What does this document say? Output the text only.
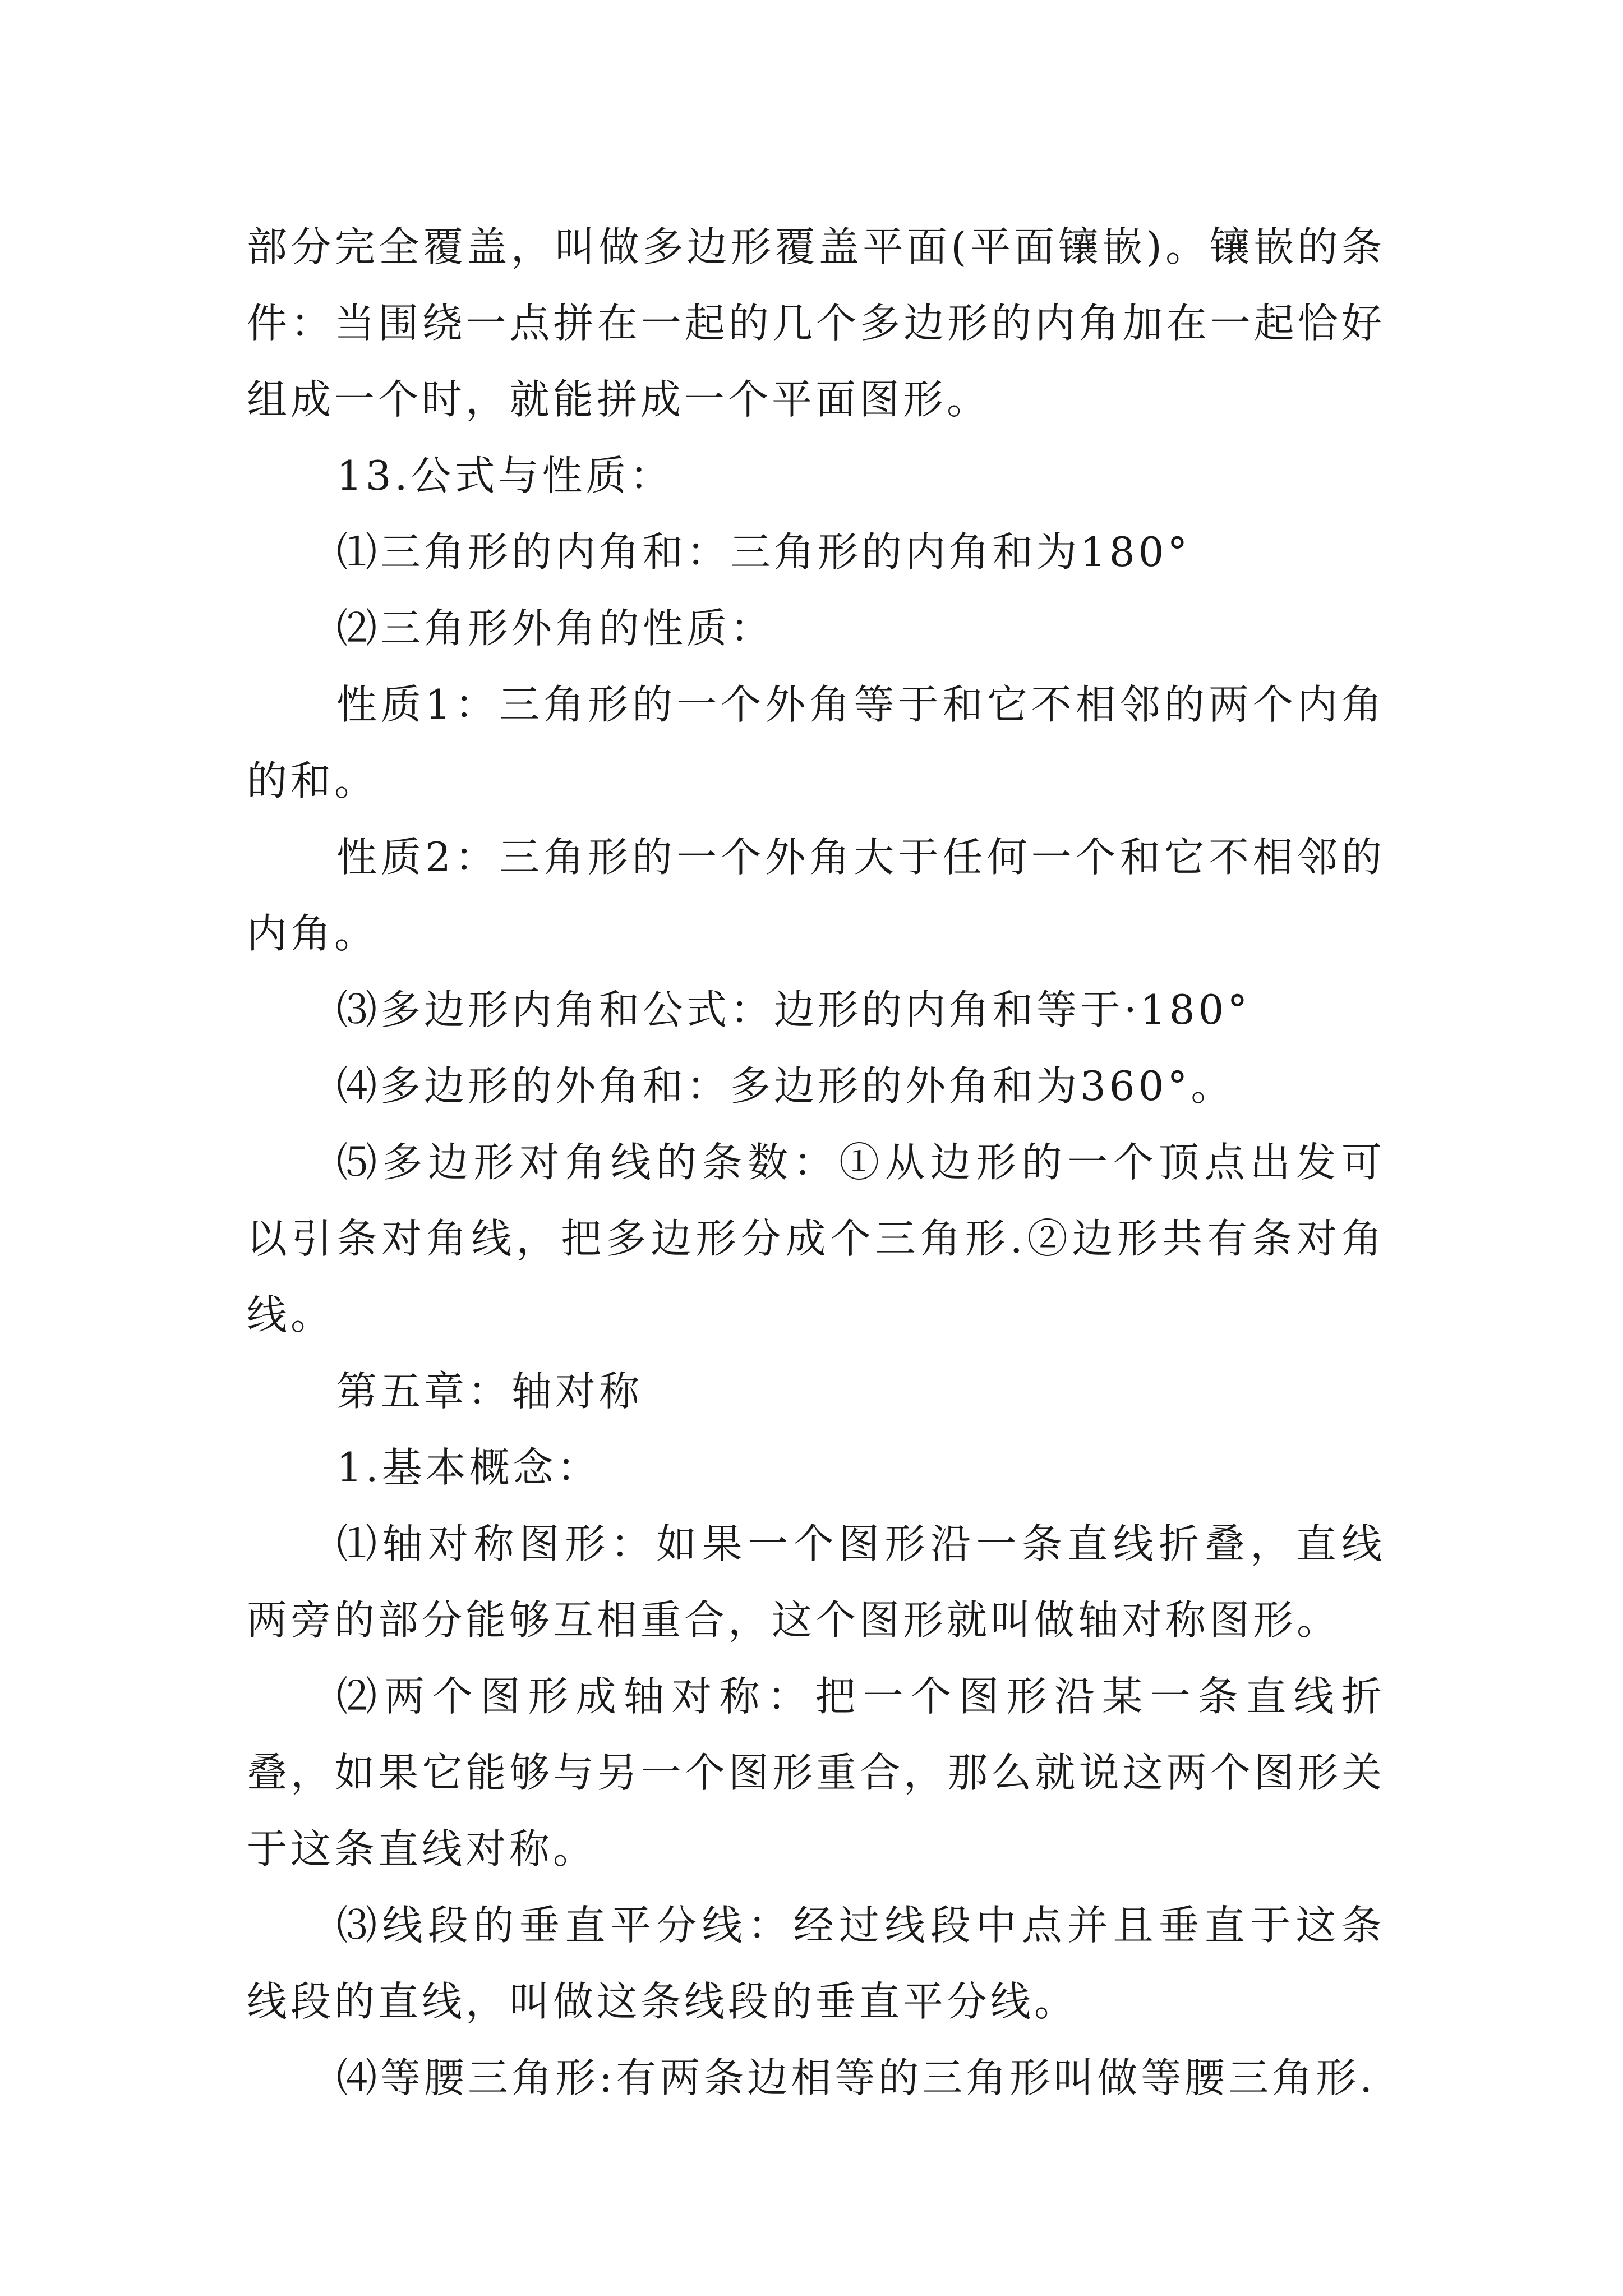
部分完全覆盖，叫做多边形覆盖平面(平面镶嵌)。镶嵌的条件：当围绕一点拼在一起的几个多边形的内角加在一起恰好组成一个时，就能拼成一个平面图形。

13.公式与性质：

⑴三角形的内角和：三角形的内角和为180°

⑵三角形外角的性质：

性质1：三角形的一个外角等于和它不相邻的两个内角的和。

性质2：三角形的一个外角大于任何一个和它不相邻的内角。

⑶多边形内角和公式：边形的内角和等于·180°

⑷多边形的外角和：多边形的外角和为360°。

⑸多边形对角线的条数：①从边形的一个顶点出发可以引条对角线，把多边形分成个三角形.②边形共有条对角线。

第五章：轴对称

1.基本概念：

⑴轴对称图形：如果一个图形沿一条直线折叠，直线两旁的部分能够互相重合，这个图形就叫做轴对称图形。

⑵两个图形成轴对称：把一个图形沿某一条直线折叠，如果它能够与另一个图形重合，那么就说这两个图形关于这条直线对称。

⑶线段的垂直平分线：经过线段中点并且垂直于这条线段的直线，叫做这条线段的垂直平分线。

⑷等腰三角形:有两条边相等的三角形叫做等腰三角形.
